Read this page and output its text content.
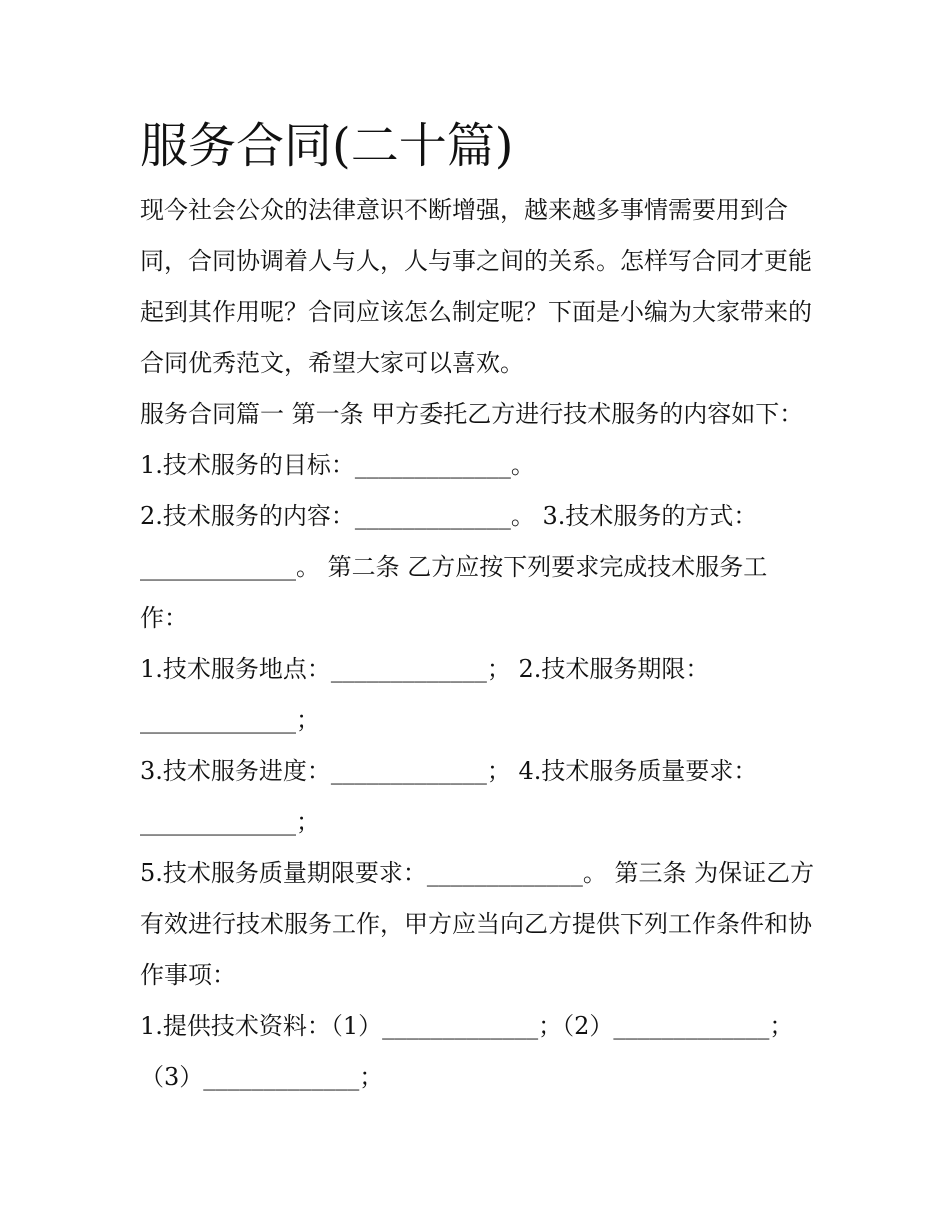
服务合同(二十篇)

现今社会公众的法律意识不断增强，越来越多事情需要用到合同，合同协调着人与人，人与事之间的关系。怎样写合同才更能起到其作用呢？合同应该怎么制定呢？下面是小编为大家带来的合同优秀范文，希望大家可以喜欢。

服务合同篇一 第一条 甲方委托乙方进行技术服务的内容如下： 1.技术服务的目标：_____________。

2.技术服务的内容：_____________。 3.技术服务的方式：_____________。 第二条 乙方应按下列要求完成技术服务工作：

1.技术服务地点：_____________； 2.技术服务期限：_____________；

3.技术服务进度：_____________； 4.技术服务质量要求：_____________；

5.技术服务质量期限要求：_____________。 第三条 为保证乙方有效进行技术服务工作，甲方应当向乙方提供下列工作条件和协作事项：

1.提供技术资料：（1）_____________；（2）_____________；（3）_____________；
